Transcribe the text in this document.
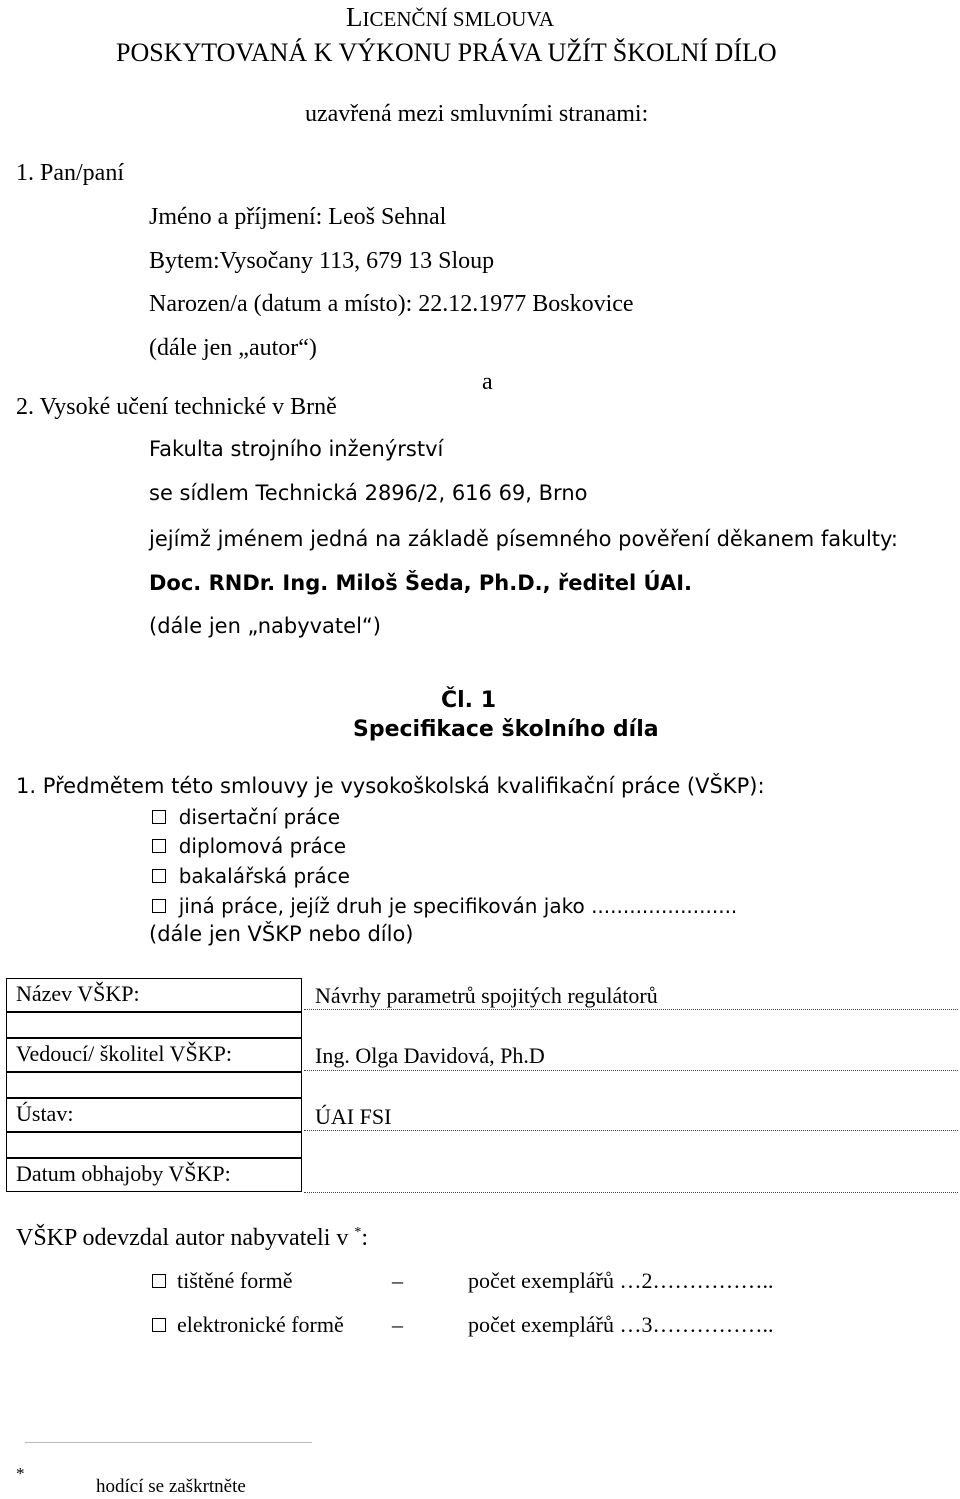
LICENČNÍ SMLOUVA
POSKYTOVANÁ K VÝKONU PRÁVA UŽÍT ŠKOLNÍ DÍLO
uzavřená mezi smluvními stranami:
1. Pan/paní
Jméno a příjmení: Leoš Sehnal
Bytem:Vysočany 113, 679 13 Sloup
Narozen/a (datum a místo): 22.12.1977 Boskovice
(dále jen „autor“)
a
2. Vysoké učení technické v Brně
Fakulta strojního inženýrství
se sídlem Technická 2896/2, 616 69, Brno
jejímž jménem jedná na základě písemného pověření děkanem fakulty:
Doc. RNDr. Ing. Miloš Šeda, Ph.D., ředitel ÚAI.
(dále jen „nabyvatel“)
Čl. 1
Specifikace školního díla
1. Předmětem této smlouvy je vysokoškolská kvalifikační práce (VŠKP):
disertační práce
diplomová práce
bakalářská práce
jiná práce, jejíž druh je specifikován jako .......................
(dále jen VŠKP nebo dílo)
Název VŠKP:	Návrhy parametrů spojitých regulátorů
Vedoucí/ školitel VŠKP:	Ing. Olga Davidová, Ph.D
Ústav:	ÚAI FSI
Datum obhajoby VŠKP:
VŠKP odevzdal autor nabyvateli v *:
tištěné formě	–	počet exemplářů …2……………..
elektronické formě –	počet exemplářů …3……………..
*
hodící se zaškrtněte
